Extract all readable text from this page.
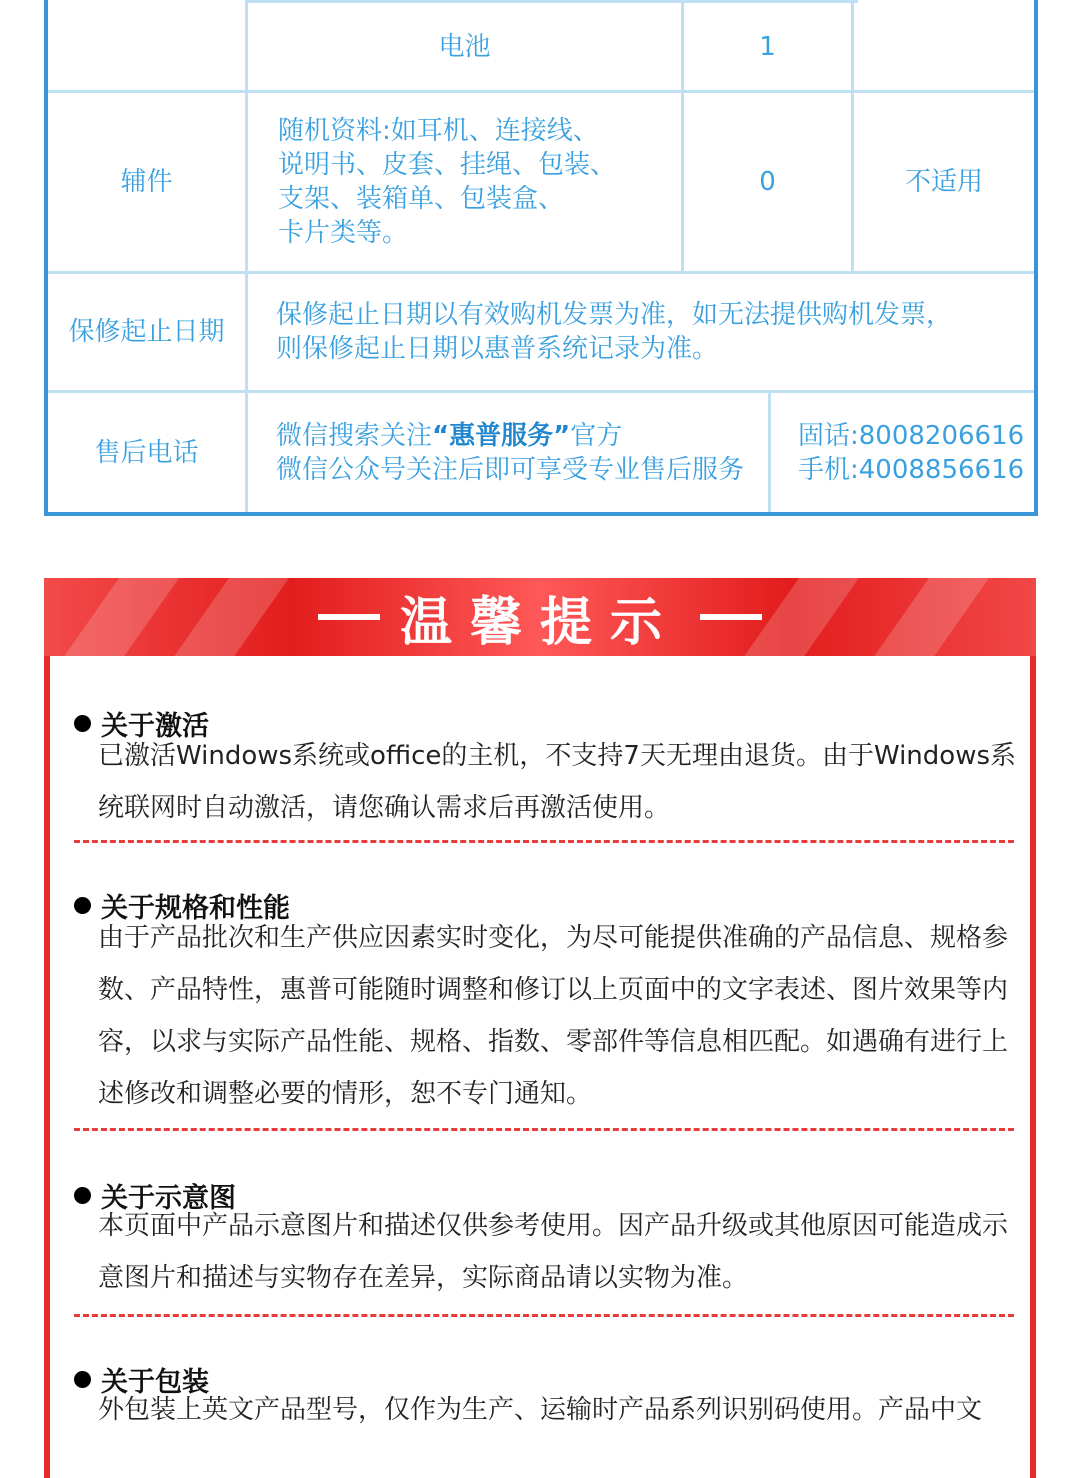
电池	1
辅件
随机资料:如耳机、连接线、
说明书、皮套、挂绳、包装、
支架、装箱单、包装盒、
卡片类等。
0	不适用
保修起止日期
保修起止日期以有效购机发票为准，如无法提供购机发票，
则保修起止日期以惠普系统记录为准。
售后电话
微信搜索关注“惠普服务”官方
微信公众号关注后即可享受专业售后服务
固话:8008206616
手机:4008856616
温馨提示
关于激活
已激活Windows系统或office的主机，不支持7天无理由退货。由于Windows系统联网时自动激活，请您确认需求后再激活使用。
关于规格和性能
由于产品批次和生产供应因素实时变化，为尽可能提供准确的产品信息、规格参数、产品特性，惠普可能随时调整和修订以上页面中的文字表述、图片效果等内容，以求与实际产品性能、规格、指数、零部件等信息相匹配。如遇确有进行上述修改和调整必要的情形，恕不专门通知。
关于示意图
本页面中产品示意图片和描述仅供参考使用。因产品升级或其他原因可能造成示意图片和描述与实物存在差异，实际商品请以实物为准。
关于包装
外包装上英文产品型号，仅作为生产、运输时产品系列识别码使用。产品中文
